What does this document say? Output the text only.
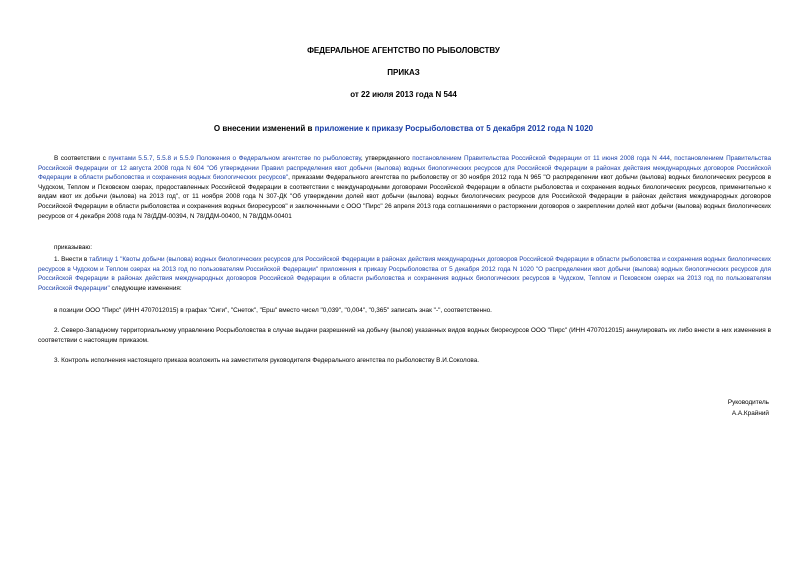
ФЕДЕРАЛЬНОЕ АГЕНТСТВО ПО РЫБОЛОВСТВУ
ПРИКАЗ
от 22 июля 2013 года N 544
О внесении изменений в приложение к приказу Росрыболовства от 5 декабря 2012 года N 1020
В соответствии с пунктами 5.5.7, 5.5.8 и 5.5.9 Положения о Федеральном агентстве по рыболовству, утвержденного постановлением Правительства Российской Федерации от 11 июня 2008 года N 444, постановлением Правительства Российской Федерации от 12 августа 2008 года N 604 "Об утверждении Правил распределения квот добычи (вылова) водных биологических ресурсов для Российской Федерации в районах действия международных договоров Российской Федерации в области рыболовства и сохранения водных биологических ресурсов", приказами Федерального агентства по рыболовству от 30 ноября 2012 года N 965 "О распределении квот добычи (вылова) водных биологических ресурсов в Чудском, Теплом и Псковском озерах, предоставленных Российской Федерации в соответствии с международными договорами Российской Федерации в области рыболовства и сохранения водных биологических ресурсов, применительно к видам квот их добычи (вылова) на 2013 год", от 11 ноября 2008 года N 307-ДК "Об утверждении долей квот добычи (вылова) водных биологических ресурсов для Российской Федерации в районах действия международных договоров Российской Федерации в области рыболовства и сохранения водных биоресурсов" и заключенными с ООО "Пирс" 26 апреля 2013 года соглашениями о расторжении договоров о закреплении долей квот добычи (вылова) водных биологических ресурсов от 4 декабря 2008 года N 78/ДДМ-00394, N 78/ДДМ-00400, N 78/ДДМ-00401
приказываю:
1. Внести в таблицу 1 "Квоты добычи (вылова) водных биологических ресурсов для Российской Федерации в районах действия международных договоров Российской Федерации в области рыболовства и сохранения водных биологических ресурсов в Чудском и Теплом озерах на 2013 год по пользователям Российской Федерации" приложения к приказу Росрыболовства от 5 декабря 2012 года N 1020 "О распределении квот добычи (вылова) водных биологических ресурсов для Российской Федерации в районах действия международных договоров Российской Федерации в области рыболовства и сохранения водных биологических ресурсов в Чудском, Теплом и Псковском озерах на 2013 год по пользователям Российской Федерации" следующие изменения:
в позиции ООО "Пирс" (ИНН 4707012015) в графах "Сиги", "Снеток", "Ерш" вместо чисел "0,039", "0,004", "0,365" записать знак "-", соответственно.
2. Северо-Западному территориальному управлению Росрыболовства в случае выдачи разрешений на добычу (вылов) указанных видов водных биоресурсов ООО "Пирс" (ИНН 4707012015) аннулировать их либо внести в них изменения в соответствии с настоящим приказом.
3. Контроль исполнения настоящего приказа возложить на заместителя руководителя Федерального агентства по рыболовству В.И.Соколова.
Руководитель
А.А.Крайний
